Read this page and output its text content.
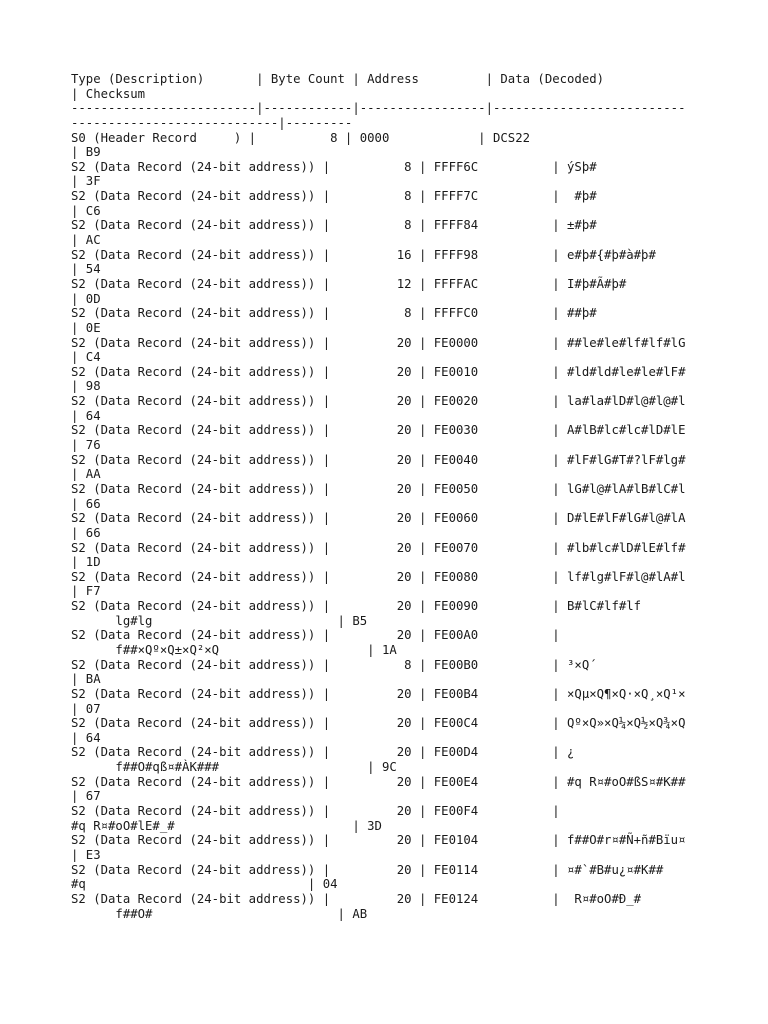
Type (Description)       | Byte Count | Address         | Data (Decoded)
| Checksum
-------------------------|------------|-----------------|--------------------------
----------------------------|---------
S0 (Header Record     ) |          8 | 0000            | DCS22
| B9
S2 (Data Record (24-bit address)) |          8 | FFFF6C          | ýSþ#
| 3F
S2 (Data Record (24-bit address)) |          8 | FFFF7C          |  #þ#
| C6
S2 (Data Record (24-bit address)) |          8 | FFFF84          | ±#þ#
| AC
S2 (Data Record (24-bit address)) |         16 | FFFF98          | e#þ#{#þ#à#þ#
| 54
S2 (Data Record (24-bit address)) |         12 | FFFFAC          | I#þ#Ã#þ#
| 0D
S2 (Data Record (24-bit address)) |          8 | FFFFC0          | ##þ#
| 0E
S2 (Data Record (24-bit address)) |         20 | FE0000          | ##le#le#lf#lf#lG
| C4
S2 (Data Record (24-bit address)) |         20 | FE0010          | #ld#ld#le#le#lF#
| 98
S2 (Data Record (24-bit address)) |         20 | FE0020          | la#la#lD#l@#l@#l
| 64
S2 (Data Record (24-bit address)) |         20 | FE0030          | A#lB#lc#lc#lD#lE
| 76
S2 (Data Record (24-bit address)) |         20 | FE0040          | #lF#lG#T#?lF#lg#
| AA
S2 (Data Record (24-bit address)) |         20 | FE0050          | lG#l@#lA#lB#lC#l
| 66
S2 (Data Record (24-bit address)) |         20 | FE0060          | D#lE#lF#lG#l@#lA
| 66
S2 (Data Record (24-bit address)) |         20 | FE0070          | #lb#lc#lD#lE#lf#
| 1D
S2 (Data Record (24-bit address)) |         20 | FE0080          | lf#lg#lF#l@#lA#l
| F7
S2 (Data Record (24-bit address)) |         20 | FE0090          | B#lC#lf#lf
lg#lg                         | B5
S2 (Data Record (24-bit address)) |         20 | FE00A0          |
f##×Qº×Q±×Q²×Q                    | 1A
S2 (Data Record (24-bit address)) |          8 | FE00B0          | ³×Q´
| BA
S2 (Data Record (24-bit address)) |         20 | FE00B4          | ×Qµ×Q¶×Q·×Q¸×Q¹×
| 07
S2 (Data Record (24-bit address)) |         20 | FE00C4          | Qº×Q»×Q¼×Q½×Q¾×Q
| 64
S2 (Data Record (24-bit address)) |         20 | FE00D4          | ¿
f##O#qß¤#ÀK###                    | 9C
S2 (Data Record (24-bit address)) |         20 | FE00E4          | #q R¤#oO#ßS¤#K##
| 67
S2 (Data Record (24-bit address)) |         20 | FE00F4          |
#q R¤#oO#lE#_#                        | 3D
S2 (Data Record (24-bit address)) |         20 | FE0104          | f##O#r¤#Ñ+ñ#Bïu¤
| E3
S2 (Data Record (24-bit address)) |         20 | FE0114          | ¤#`#B#u¿¤#K##
#q                              | 04
S2 (Data Record (24-bit address)) |         20 | FE0124          |  R¤#oO#Ð_#
f##O#                         | AB
